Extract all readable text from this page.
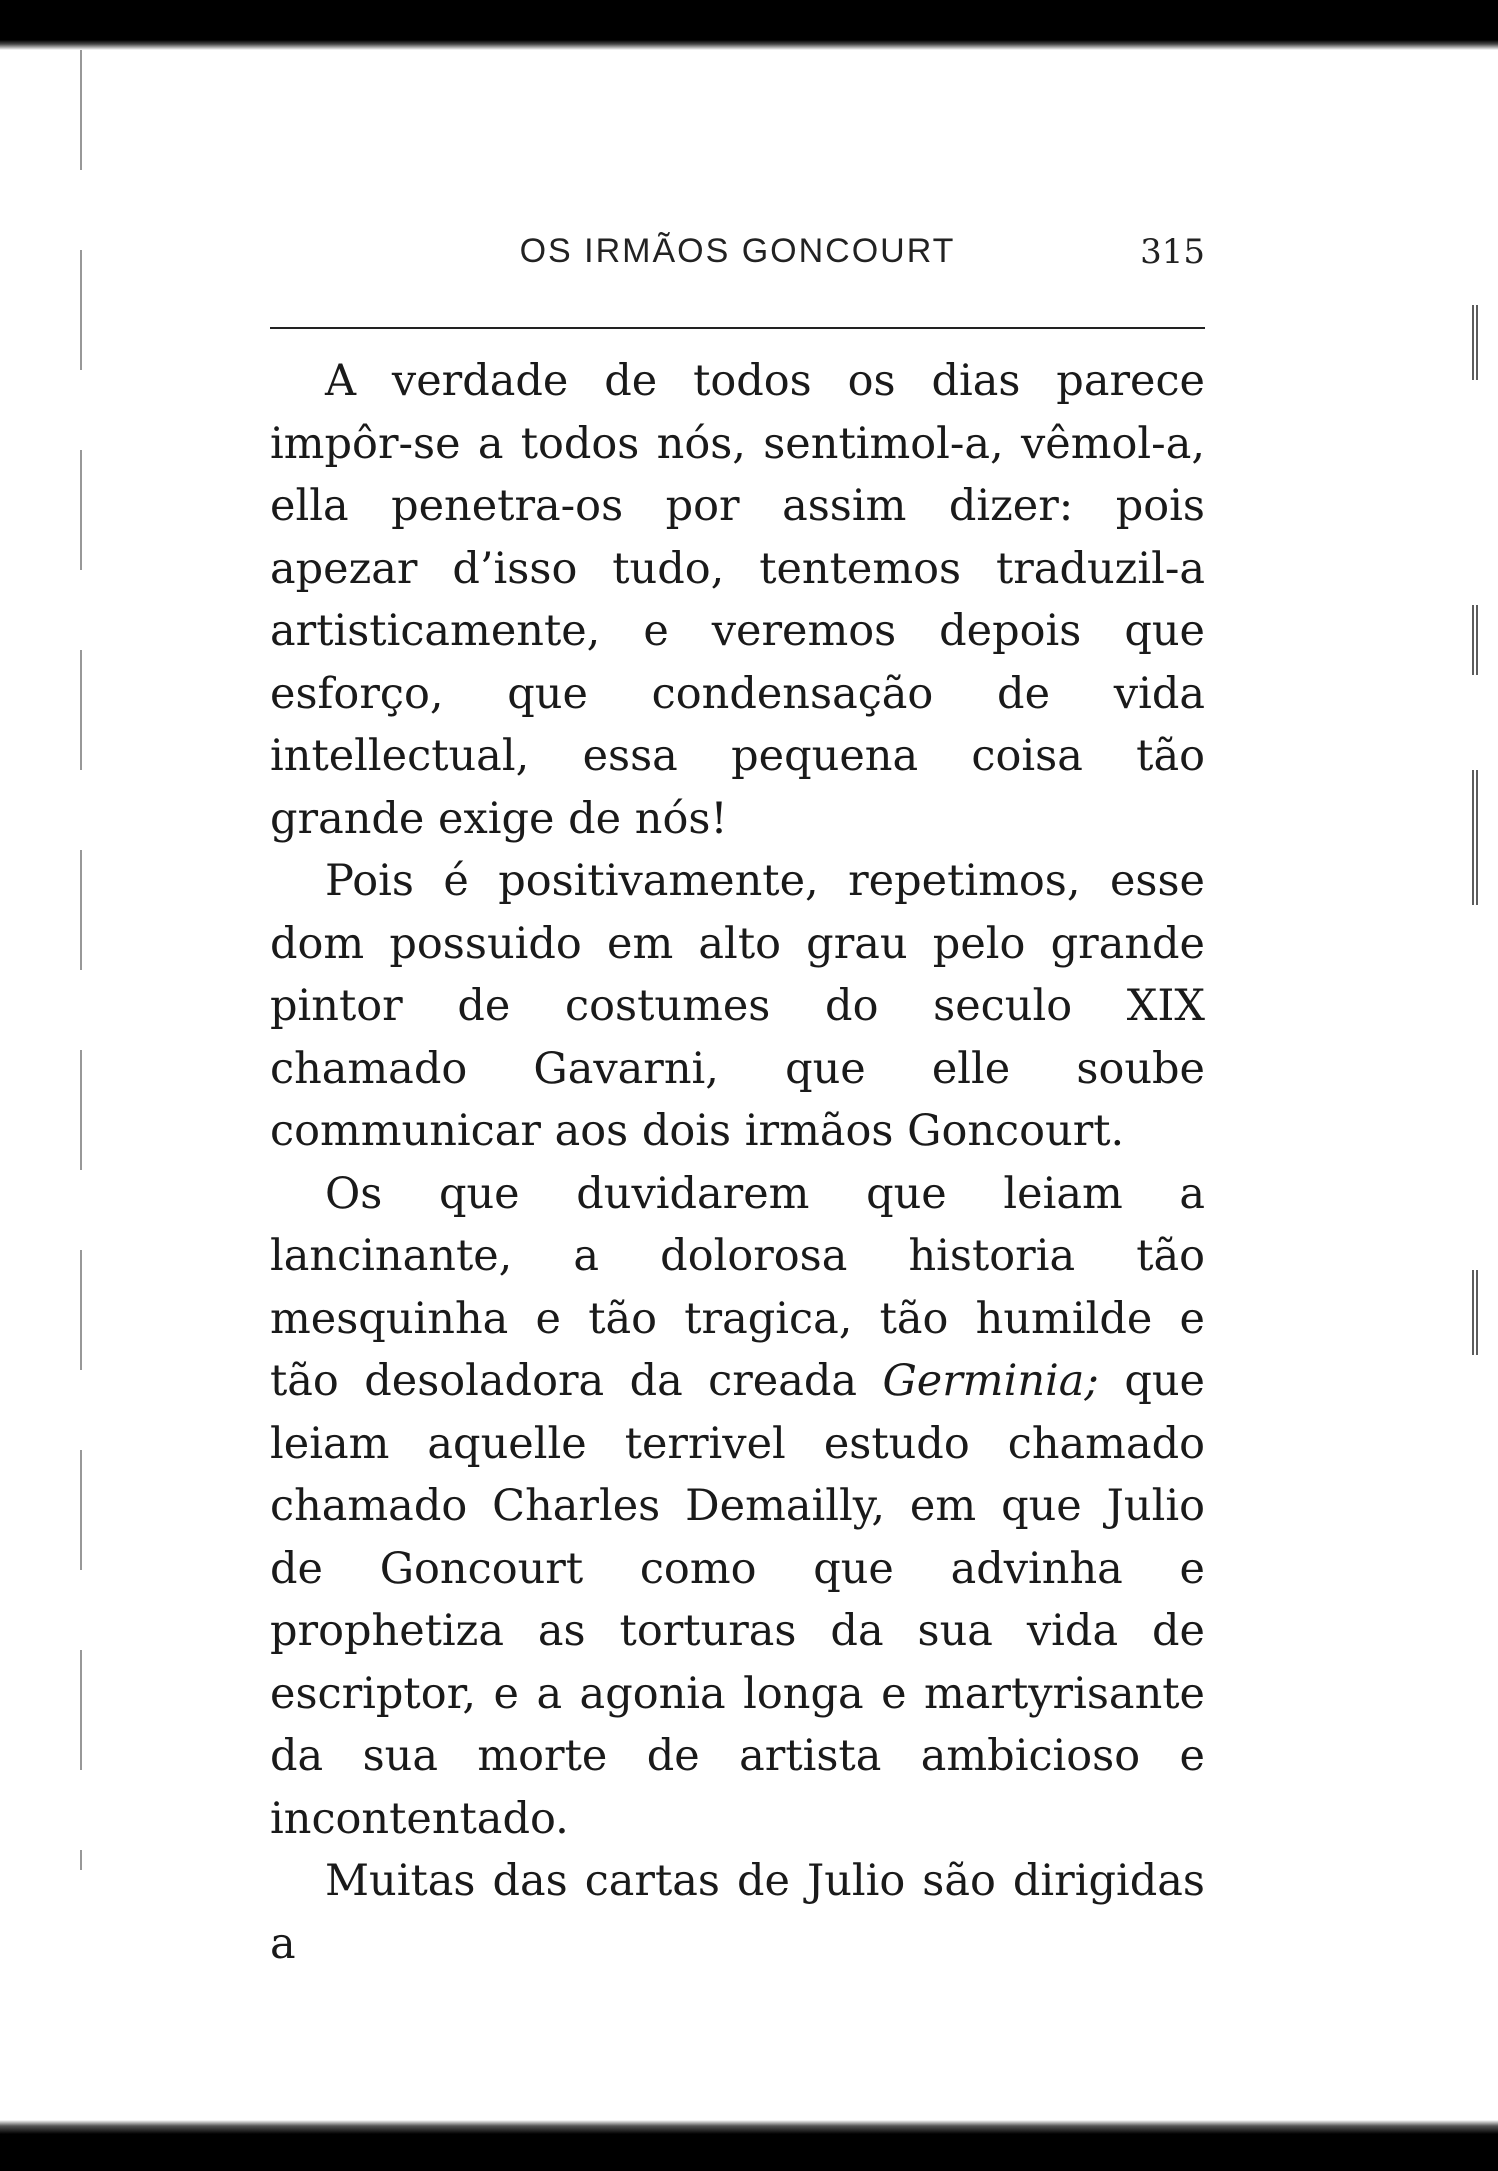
OS IRMÃOS GONCOURT	315

A verdade de todos os dias parece impôr-se a todos nós, sentimol-a, vêmol-a, ella penetra-os por assim dizer: pois apezar d’isso tudo, tentemos traduzil-a artisticamente, e veremos depois que esforço, que condensação de vida intellectual, essa pequena coisa tão grande exige de nós!

Pois é positivamente, repetimos, esse dom possuido em alto grau pelo grande pintor de costumes do seculo XIX chamado Gavarni, que elle soube communicar aos dois irmãos Goncourt.

Os que duvidarem que leiam a lancinante, a dolorosa historia tão mesquinha e tão tragica, tão humilde e tão desoladora da creada Germinia; que leiam aquelle terrivel estudo chamado chamado Charles Demailly, em que Julio de Goncourt como que advinha e prophetiza as torturas da sua vida de escriptor, e a agonia longa e martyrisante da sua morte de artista ambicioso e incontentado.

Muitas das cartas de Julio são dirigidas a
